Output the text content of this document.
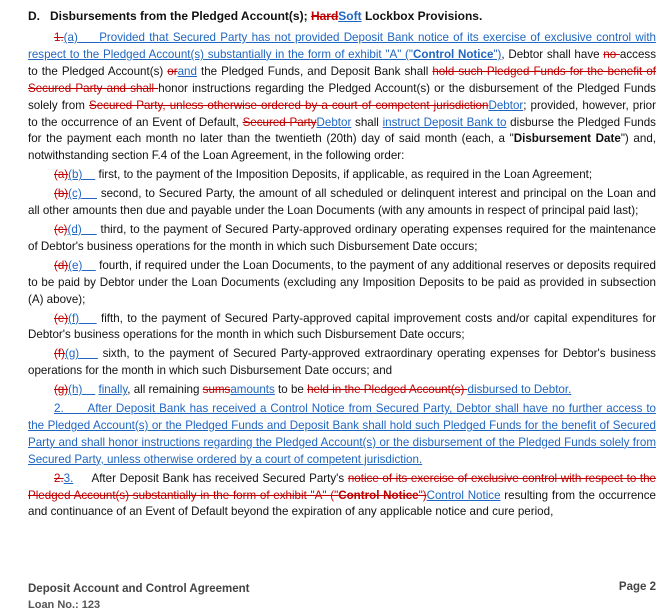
D. Disbursements from the Pledged Account(s); HardSoft Lockbox Provisions.

1.(a) Provided that Secured Party has not provided Deposit Bank notice of its exercise of exclusive control with respect to the Pledged Account(s) substantially in the form of exhibit "A" ("Control Notice"), Debtor shall have no access to the Pledged Account(s) orand the Pledged Funds, and Deposit Bank shall hold such Pledged Funds for the benefit of Secured Party and shall honor instructions regarding the Pledged Account(s) or the disbursement of the Pledged Funds solely from Secured Party, unless otherwise ordered by a court of competent jurisdictionDebtor; provided, however, prior to the occurrence of an Event of Default, Secured PartyDebtor shall instruct Deposit Bank to disburse the Pledged Funds for the payment each month no later than the twentieth (20th) day of said month (each, a "Disbursement Date") and, notwithstanding section F.4 of the Loan Agreement, in the following order:

(a)(b) first, to the payment of the Imposition Deposits, if applicable, as required in the Loan Agreement;

(b)(c) second, to Secured Party, the amount of all scheduled or delinquent interest and principal on the Loan and all other amounts then due and payable under the Loan Documents (with any amounts in respect of principal paid last);

(c)(d) third, to the payment of Secured Party-approved ordinary operating expenses required for the maintenance of Debtor's business operations for the month in which such Disbursement Date occurs;

(d)(e) fourth, if required under the Loan Documents, to the payment of any additional reserves or deposits required to be paid by Debtor under the Loan Documents (excluding any Imposition Deposits to be paid as provided in subsection (A) above);

(e)(f) fifth, to the payment of Secured Party-approved capital improvement costs and/or capital expenditures for Debtor's business operations for the month in which such Disbursement Date occurs;

(f)(g) sixth, to the payment of Secured Party-approved extraordinary operating expenses for Debtor's business operations for the month in which such Disbursement Date occurs; and

(g)(h) finally, all remaining sumsamounts to be held in the Pledged Account(s) disbursed to Debtor.

2.      After Deposit Bank has received a Control Notice from Secured Party, Debtor shall have no further access to the Pledged Account(s) or the Pledged Funds and Deposit Bank shall hold such Pledged Funds for the benefit of Secured Party and shall honor instructions regarding the Pledged Account(s) or the disbursement of the Pledged Funds solely from Secured Party, unless otherwise ordered by a court of competent jurisdiction.

2.3. After Deposit Bank has received Secured Party's notice of its exercise of exclusive control with respect to the Pledged Account(s) substantially in the form of exhibit "A" ("Control Notice")Control Notice resulting from the occurrence and continuance of an Event of Default beyond the expiration of any applicable notice and cure period,

Deposit Account and Control Agreement
Loan No.: 123
Page 2
